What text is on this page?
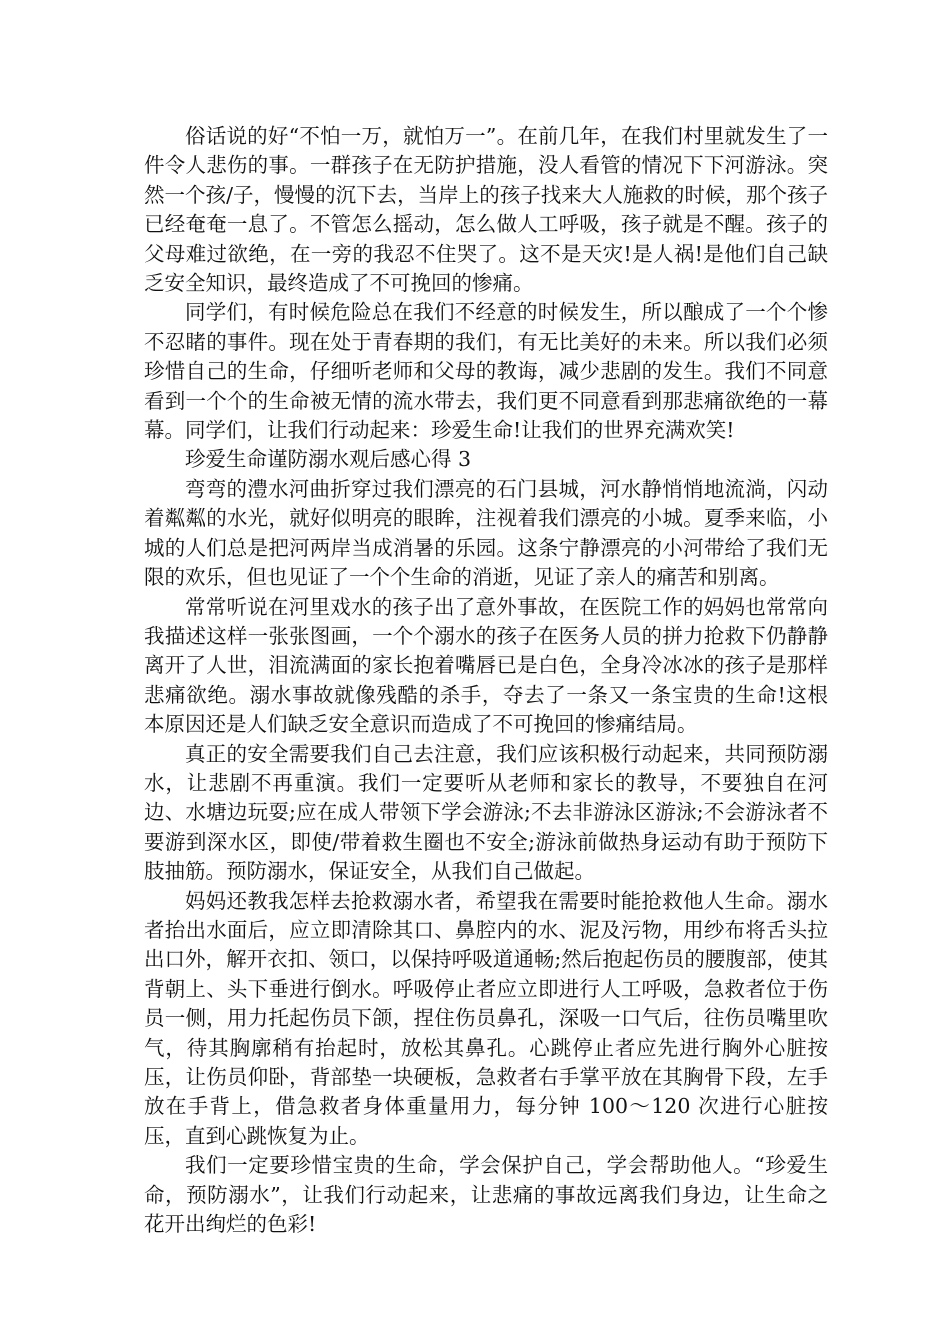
俗话说的好“不怕一万，就怕万一”。在前几年，在我们村里就发生了一件令人悲伤的事。一群孩子在无防护措施，没人看管的情况下下河游泳。突然一个孩/子，慢慢的沉下去，当岸上的孩子找来大人施救的时候，那个孩子已经奄奄一息了。不管怎么摇动，怎么做人工呼吸，孩子就是不醒。孩子的父母难过欲绝，在一旁的我忍不住哭了。这不是天灾!是人祸!是他们自己缺乏安全知识，最终造成了不可挽回的惨痛。

同学们，有时候危险总在我们不经意的时候发生，所以酿成了一个个惨不忍睹的事件。现在处于青春期的我们，有无比美好的未来。所以我们必须珍惜自己的生命，仔细听老师和父母的教诲，减少悲剧的发生。我们不同意看到一个个的生命被无情的流水带去，我们更不同意看到那悲痛欲绝的一幕幕。同学们，让我们行动起来：珍爱生命!让我们的世界充满欢笑!

珍爱生命谨防溺水观后感心得 3

弯弯的澧水河曲折穿过我们漂亮的石门县城，河水静悄悄地流淌，闪动着粼粼的水光，就好似明亮的眼眸，注视着我们漂亮的小城。夏季来临，小城的人们总是把河两岸当成消暑的乐园。这条宁静漂亮的小河带给了我们无限的欢乐，但也见证了一个个生命的消逝，见证了亲人的痛苦和别离。

常常听说在河里戏水的孩子出了意外事故，在医院工作的妈妈也常常向我描述这样一张张图画，一个个溺水的孩子在医务人员的拼力抢救下仍静静离开了人世，泪流满面的家长抱着嘴唇已是白色，全身冷冰冰的孩子是那样悲痛欲绝。溺水事故就像残酷的杀手，夺去了一条又一条宝贵的生命!这根本原因还是人们缺乏安全意识而造成了不可挽回的惨痛结局。

真正的安全需要我们自己去注意，我们应该积极行动起来，共同预防溺水，让悲剧不再重演。我们一定要听从老师和家长的教导，不要独自在河边、水塘边玩耍;应在成人带领下学会游泳;不去非游泳区游泳;不会游泳者不要游到深水区，即使/带着救生圈也不安全;游泳前做热身运动有助于预防下肢抽筋。预防溺水，保证安全，从我们自己做起。

妈妈还教我怎样去抢救溺水者，希望我在需要时能抢救他人生命。溺水者抬出水面后，应立即清除其口、鼻腔内的水、泥及污物，用纱布将舌头拉出口外，解开衣扣、领口，以保持呼吸道通畅;然后抱起伤员的腰腹部，使其背朝上、头下垂进行倒水。呼吸停止者应立即进行人工呼吸，急救者位于伤员一侧，用力托起伤员下颌，捏住伤员鼻孔，深吸一口气后，往伤员嘴里吹气，待其胸廓稍有抬起时，放松其鼻孔。心跳停止者应先进行胸外心脏按压，让伤员仰卧，背部垫一块硬板，急救者右手掌平放在其胸骨下段，左手放在手背上，借急救者身体重量用力，每分钟 100～120 次进行心脏按压，直到心跳恢复为止。

我们一定要珍惜宝贵的生命，学会保护自己，学会帮助他人。“珍爱生命，预防溺水”，让我们行动起来，让悲痛的事故远离我们身边，让生命之花开出绚烂的色彩!
